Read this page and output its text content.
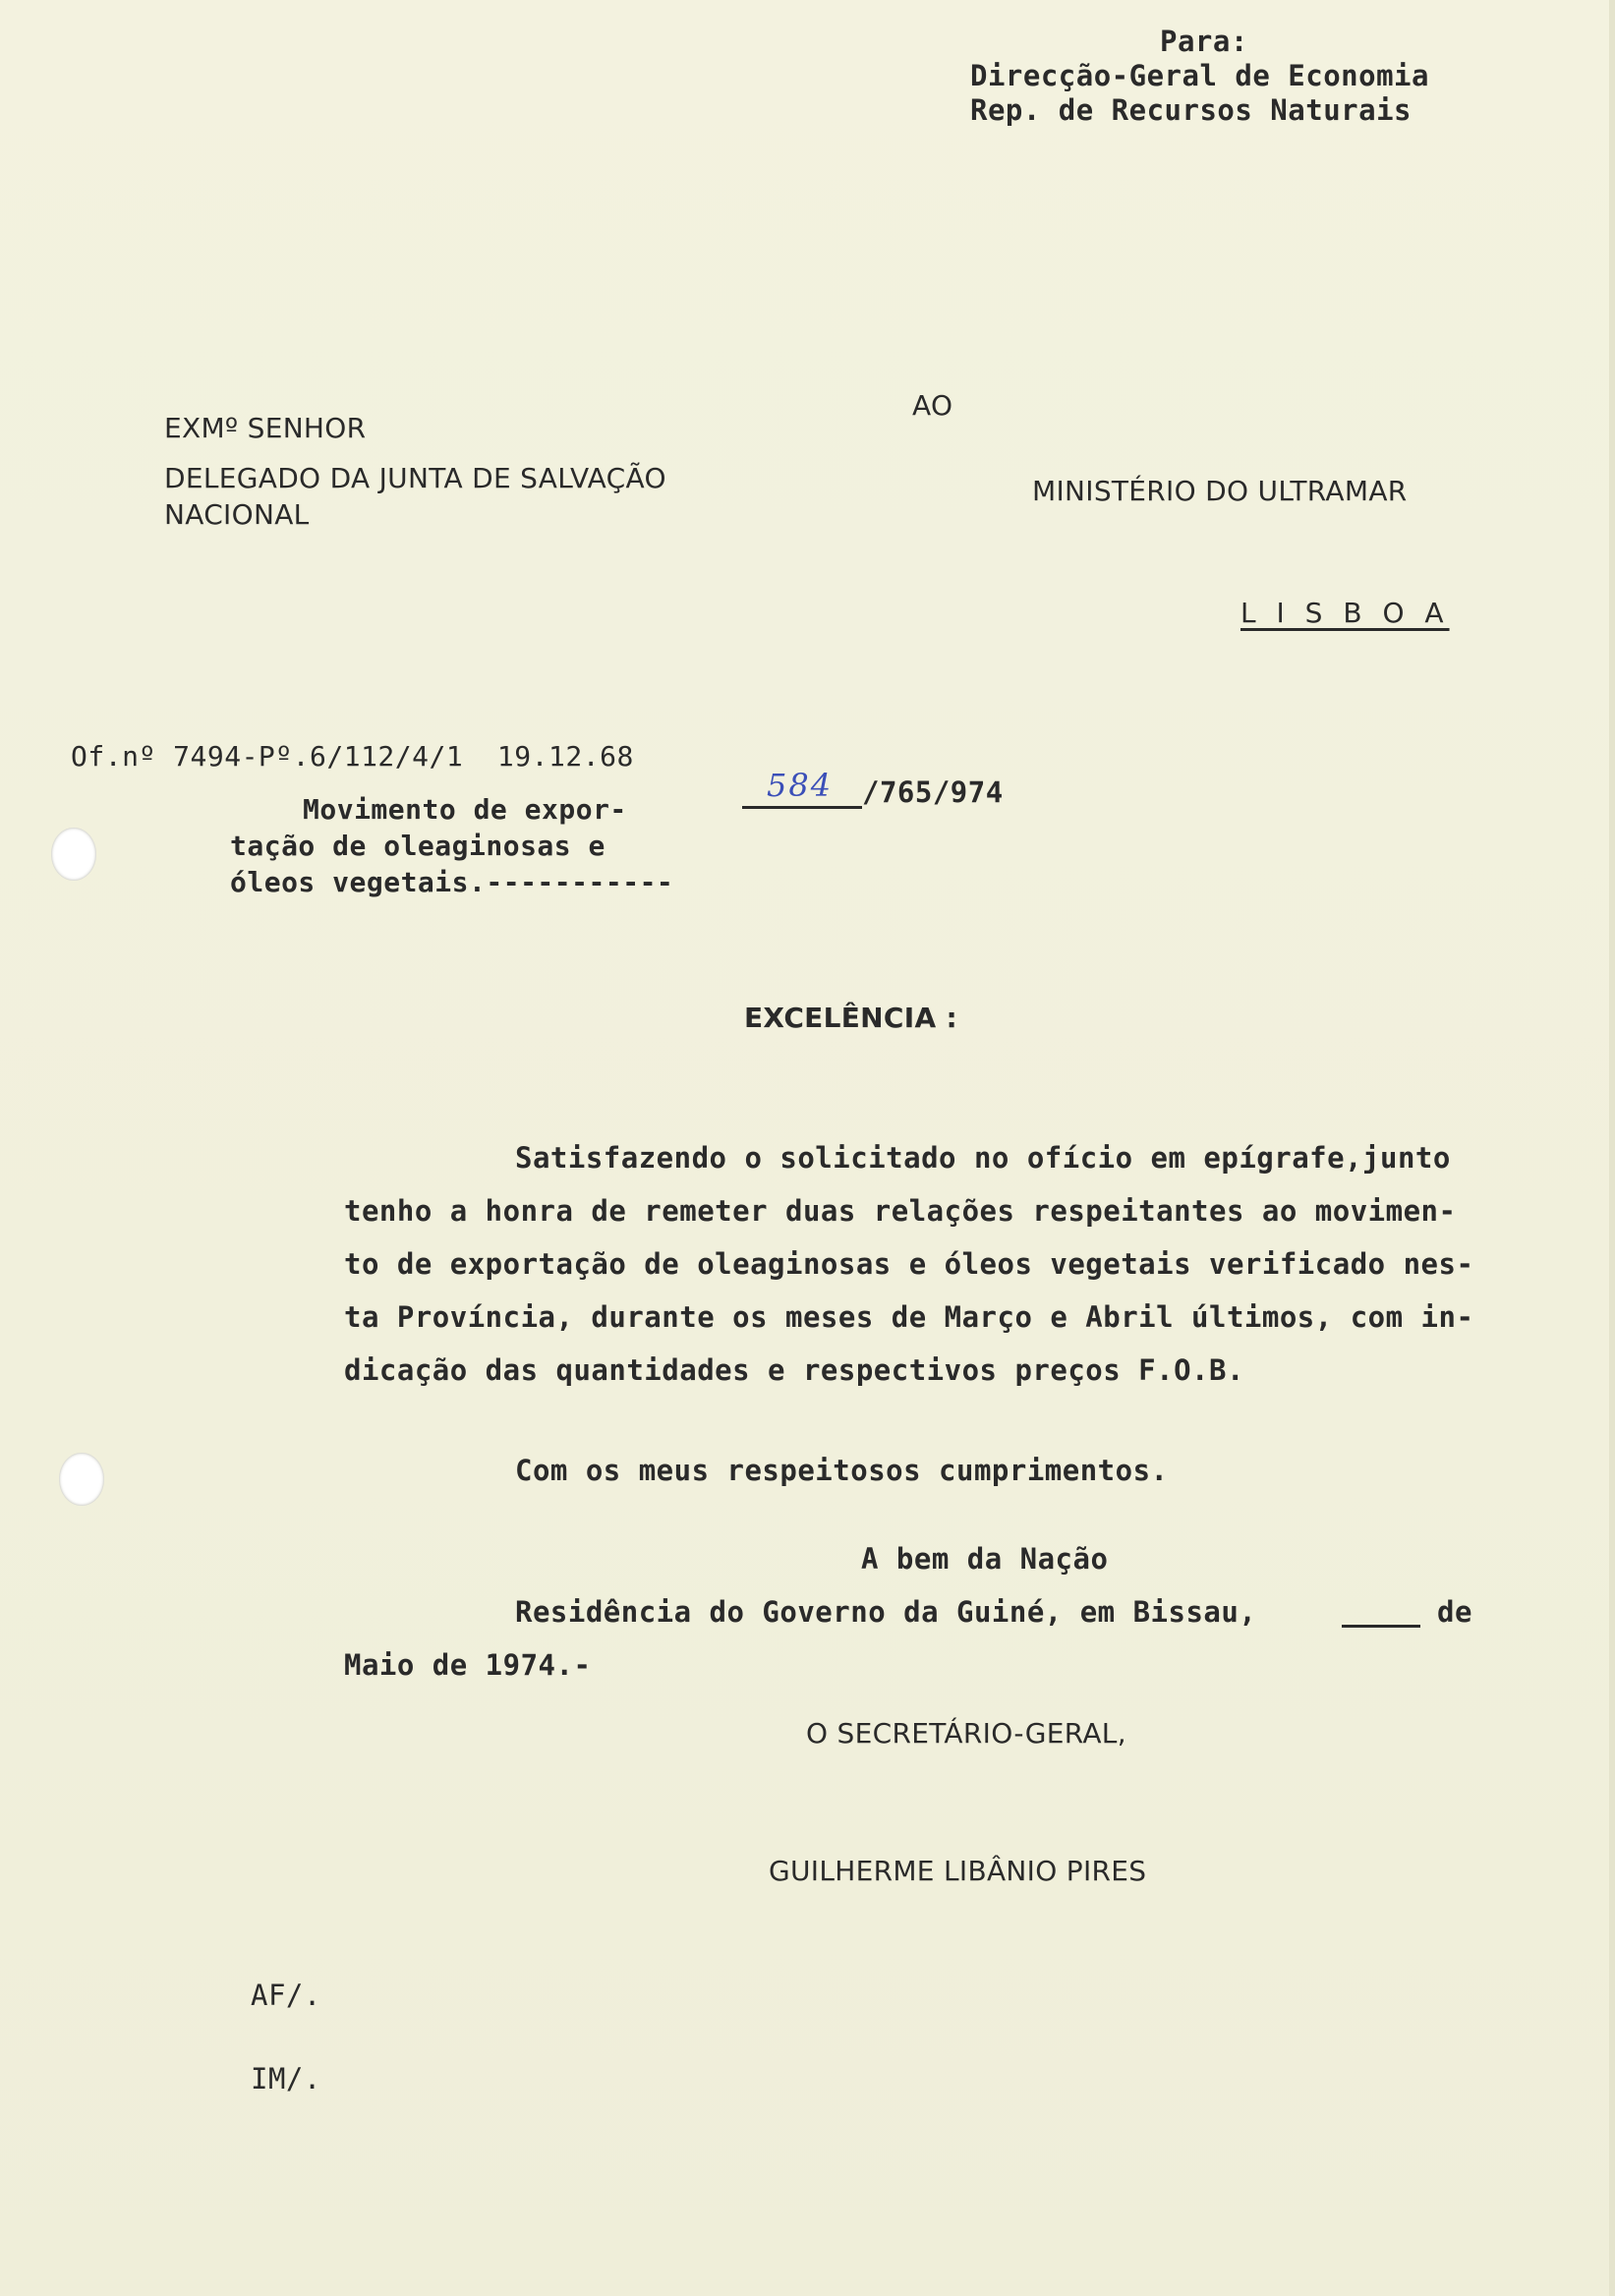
Para:
Direcção-Geral de Economia
Rep. de Recursos Naturais
EXMº SENHOR
AO
DELEGADO DA JUNTA DE SALVAÇÃO
NACIONAL
MINISTÉRIO DO ULTRAMAR
L I S B O A
Of.nº 7494-Pº.6/112/4/1  19.12.68
Movimento de expor-
tação de oleaginosas e
óleos vegetais.-----------
584 /765/974
EXCELÊNCIA :
Satisfazendo o solicitado no ofício em epígrafe,junto
tenho a honra de remeter duas relações respeitantes ao movimen-
to de exportação de oleaginosas e óleos vegetais verificado nes-
ta Província, durante os meses de Março e Abril últimos, com in-
dicação das quantidades e respectivos preços F.O.B.
Com os meus respeitosos cumprimentos.
A bem da Nação
Residência do Governo da Guiné, em Bissau,	de
Maio de 1974.-
O SECRETÁRIO-GERAL,
GUILHERME LIBÂNIO PIRES
AF/.
IM/.
